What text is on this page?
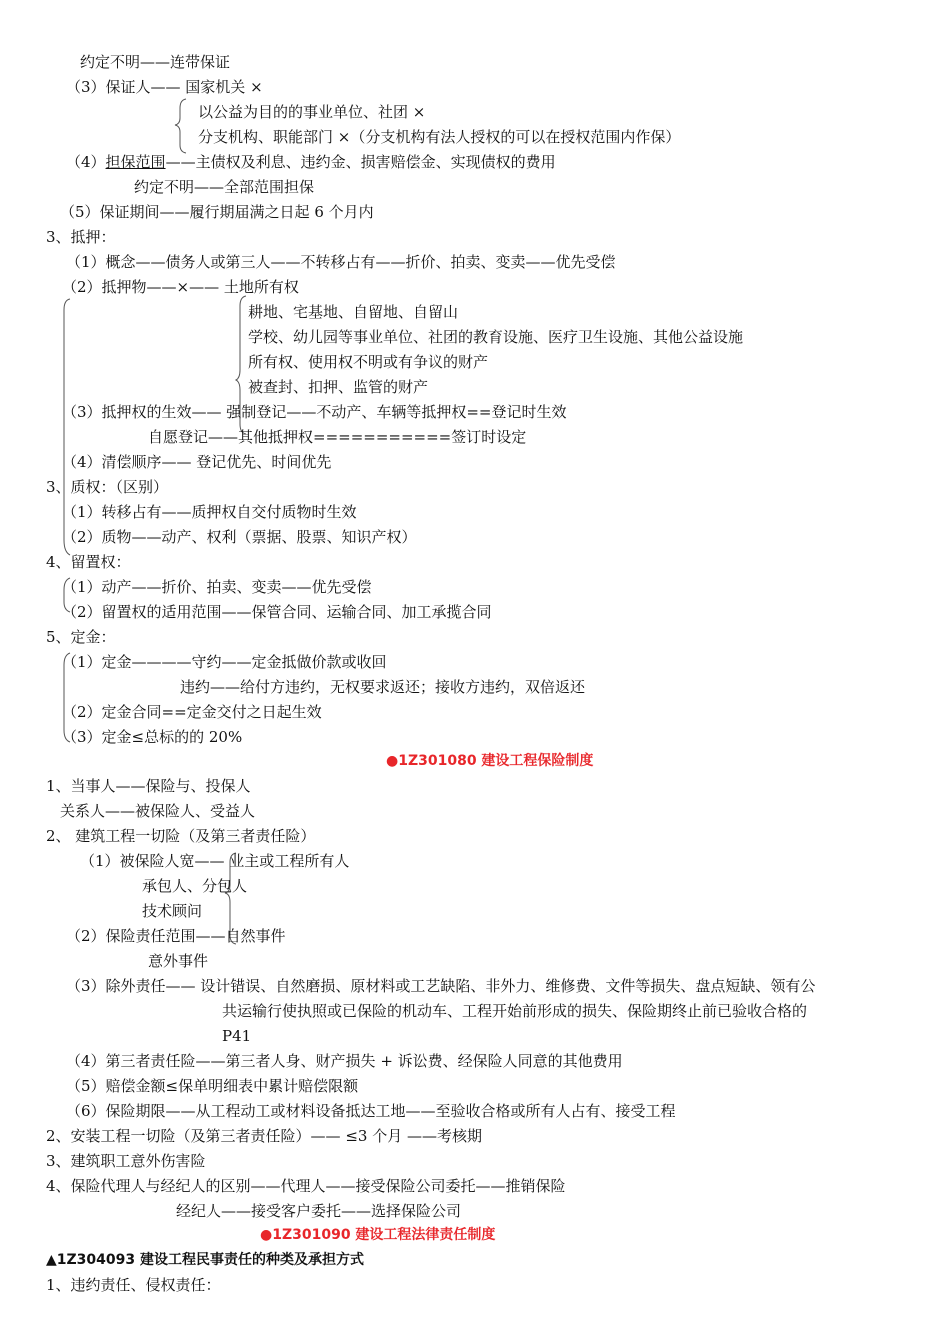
约定不明——连带保证
（3）保证人—— 国家机关 ×
以公益为目的的事业单位、社团 ×
分支机构、职能部门 ×（分支机构有法人授权的可以在授权范围内作保）
（4）担保范围——主债权及利息、违约金、损害赔偿金、实现债权的费用
约定不明——全部范围担保
（5）保证期间——履行期届满之日起 6 个月内
3、抵押：
（1）概念——债务人或第三人——不转移占有——折价、拍卖、变卖——优先受偿
（2）抵押物——×—— 土地所有权
耕地、宅基地、自留地、自留山
学校、幼儿园等事业单位、社团的教育设施、医疗卫生设施、其他公益设施
所有权、使用权不明或有争议的财产
被查封、扣押、监管的财产
（3）抵押权的生效—— 强制登记——不动产、车辆等抵押权==登记时生效
自愿登记——其他抵押权===========签订时设定
（4）清偿顺序—— 登记优先、时间优先
3、质权：（区别）
（1）转移占有——质押权自交付质物时生效
（2）质物——动产、权利（票据、股票、知识产权）
4、留置权：
（1）动产——折价、拍卖、变卖——优先受偿
（2）留置权的适用范围——保管合同、运输合同、加工承揽合同
5、定金：
（1）定金————守约——定金抵做价款或收回
违约——给付方违约，无权要求返还；接收方违约，双倍返还
（2）定金合同==定金交付之日起生效
（3）定金≤总标的的 20%
●1Z301080 建设工程保险制度
1、当事人——保险与、投保人
关系人——被保险人、受益人
2、 建筑工程一切险（及第三者责任险）
（1）被保险人宽—— 业主或工程所有人
承包人、分包人
技术顾问
（2）保险责任范围——自然事件
意外事件
（3）除外责任—— 设计错误、自然磨损、原材料或工艺缺陷、非外力、维修费、文件等损失、盘点短缺、领有公
共运输行使执照或已保险的机动车、工程开始前形成的损失、保险期终止前已验收合格的
P41
（4）第三者责任险——第三者人身、财产损失 + 诉讼费、经保险人同意的其他费用
（5）赔偿金额≤保单明细表中累计赔偿限额
（6）保险期限——从工程动工或材料设备抵达工地——至验收合格或所有人占有、接受工程
2、安装工程一切险（及第三者责任险）—— ≤3 个月 ——考核期
3、建筑职工意外伤害险
4、保险代理人与经纪人的区别——代理人——接受保险公司委托——推销保险
经纪人——接受客户委托——选择保险公司
●1Z301090 建设工程法律责任制度
▲1Z304093 建设工程民事责任的种类及承担方式
1、违约责任、侵权责任：
